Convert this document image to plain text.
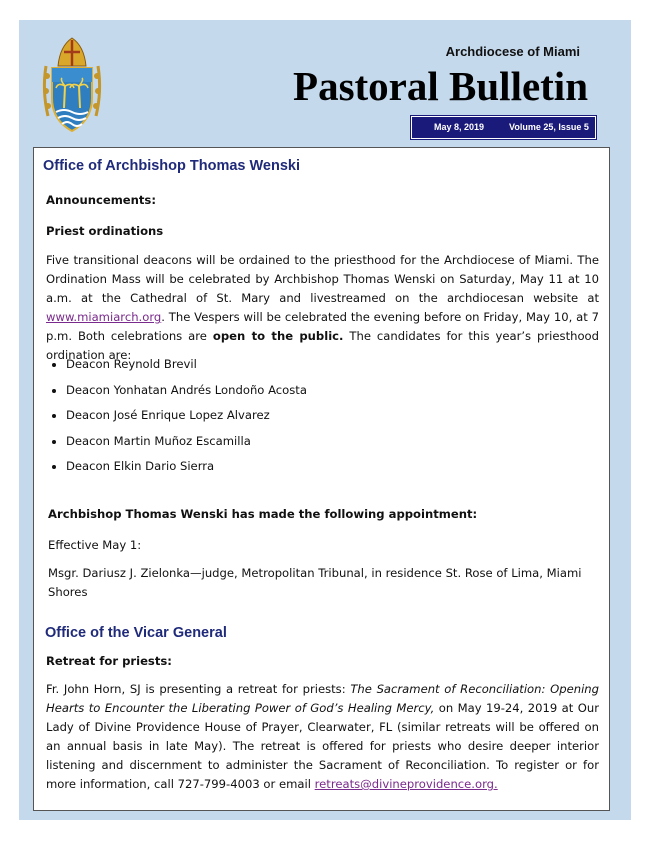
Archdiocese of Miami
Pastoral Bulletin
May 8, 2019	Volume 25, Issue 5
Office of Archbishop Thomas Wenski
Announcements:
Priest ordinations

Five transitional deacons will be ordained to the priesthood for the Archdiocese of Miami. The Ordination Mass will be celebrated by Archbishop Thomas Wenski on Saturday, May 11 at 10 a.m. at the Cathedral of St. Mary and livestreamed on the archdiocesan website at www.miamiarch.org. The Vespers will be celebrated the evening before on Friday, May 10, at 7 p.m. Both celebrations are open to the public. The candidates for this year’s priesthood ordination are:

• Deacon Reynold Brevil
• Deacon Yonhatan Andrés Londoño Acosta
• Deacon José Enrique Lopez Alvarez
• Deacon Martin Muñoz Escamilla
• Deacon Elkin Dario Sierra
Archbishop Thomas Wenski has made the following appointment:
Effective May 1:
Msgr. Dariusz J. Zielonka—judge, Metropolitan Tribunal, in residence St. Rose of Lima, Miami Shores
Office of the Vicar General
Retreat for priests:

Fr. John Horn, SJ is presenting a retreat for priests: The Sacrament of Reconciliation: Opening Hearts to Encounter the Liberating Power of God’s Healing Mercy, on May 19-24, 2019 at Our Lady of Divine Providence House of Prayer, Clearwater, FL (similar retreats will be offered on an annual basis in late May). The retreat is offered for priests who desire deeper interior listening and discernment to administer the Sacrament of Reconciliation. To register or for more information, call 727-799-4003 or email retreats@divineprovidence.org.
